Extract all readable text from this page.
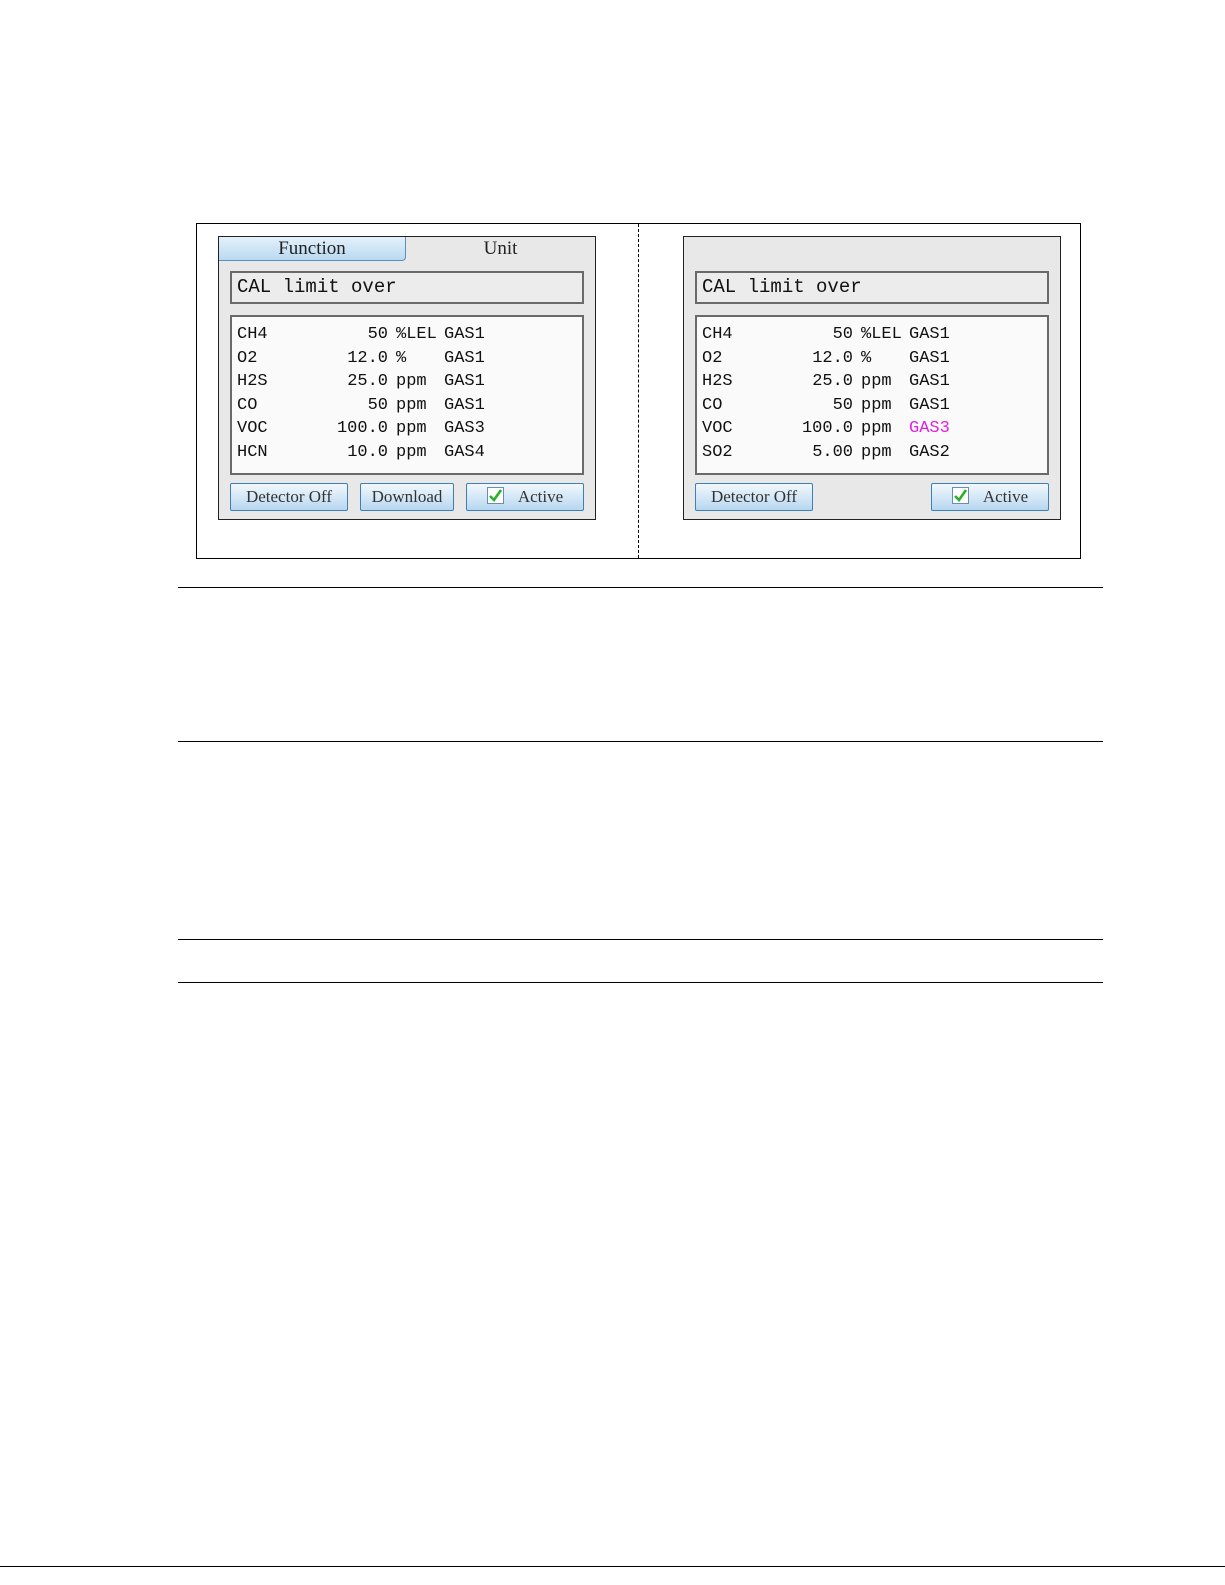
Function	Unit
CAL limit over
CH4	50 %LEL GAS1
O2	12.0 % GAS1
H2S	25.0 ppm GAS1
CO	50 ppm GAS1
VOC	100.0 ppm GAS3
HCN	10.0 ppm GAS4
Detector Off	Download	Active
CAL limit over
CH4	50 %LEL GAS1
O2	12.0 % GAS1
H2S	25.0 ppm GAS1
CO	50 ppm GAS1
VOC	100.0 ppm GAS3
SO2	5.00 ppm GAS2
Detector Off	Active
